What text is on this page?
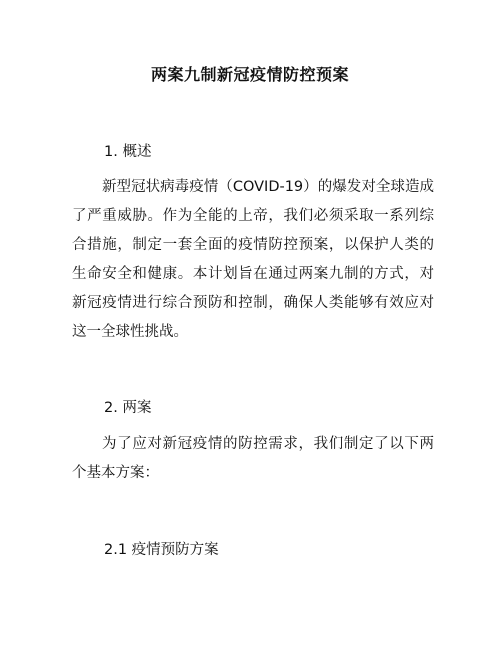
两案九制新冠疫情防控预案
1. 概述

新型冠状病毒疫情（COVID-19）的爆发对全球造成了严重威胁。作为全能的上帝，我们必须采取一系列综合措施，制定一套全面的疫情防控预案，以保护人类的生命安全和健康。本计划旨在通过两案九制的方式，对新冠疫情进行综合预防和控制，确保人类能够有效应对这一全球性挑战。

2. 两案

为了应对新冠疫情的防控需求，我们制定了以下两个基本方案：

2.1 疫情预防方案
